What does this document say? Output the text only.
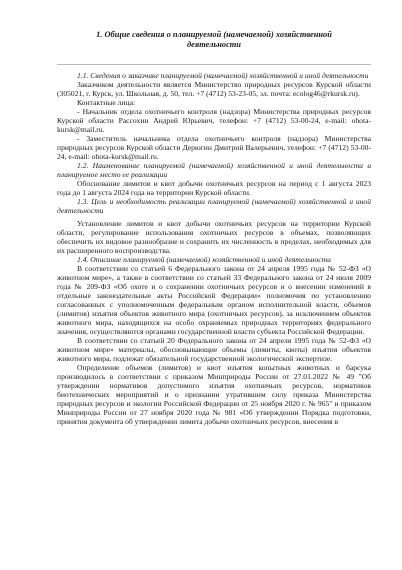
1. Общие сведения о планируемой (намечаемой) хозяйственной деятельности

1.1. Сведения о заказчике планируемой (намечаемой) хозяйственной и иной деятельности

Заказчиком деятельности является Министерство природных ресурсов Курской области (305021, г. Курск, ул. Школьная, д. 50, тел. +7 (4712) 53-23-05, эл. почта: ecolog46@rkursk.ru).

Контактные лица:

- Начальник отдела охотничьего контроля (надзора) Министерства природных ресурсов Курской области Рассохин Андрей Юрьевич, телефон: +7 (4712) 53-00-24, e-mail: ohota-kursk@mail.ru.

- Заместитель начальника отдела охотничьего контроля (надзора) Министерства природных ресурсов Курской области Дерюгин Дмитрий Валерьевич, телефон: +7 (4712) 53-00-24, e-mail: ohota-kursk@mail.ru.

1.2. Наименование планируемой (намечаемой) хозяйственной и иной деятельности и планируемое место ее реализации

Обоснование лимитов и квот добычи охотничьих ресурсов на период с 1 августа 2023 года до 1 августа 2024 года на территории Курской области.

1.3. Цель и необходимость реализации планируемой (намечаемой) хозяйственной и иной деятельности

Установление лимитов и квот добычи охотничьих ресурсов на территории Курской области, регулирование использования охотничьих ресурсов в объемах, позволяющих обеспечить их видовое разнообразие и сохранить их численность в пределах, необходимых для их расширенного воспроизводства.

1.4. Описание планируемой (намечаемой) хозяйственной и иной деятельности

В соответствии со статьей 6 Федерального закона от 24 апреля 1995 года № 52-ФЗ «О животном мире», а также в соответствии со статьей 33 Федерального закона от 24 июля 2009 года № 209-ФЗ «Об охоте и о сохранении охотничьих ресурсов и о внесении изменений в отдельные законодательные акты Российской Федерации» полномочия по установлению согласованных с уполномоченным федеральным органом исполнительной власти, объемов (лимитов) изъятия объектов животного мира (охотничьих ресурсов), за исключением объектов животного мира, находящихся на особо охраняемых природных территориях федерального значения, осуществляются органами государственной власти субъекта Российской Федерации.

В соответствии со статьей 20 Федерального закона от 24 апреля 1995 года № 52-ФЗ «О животном мире» материалы, обосновывающие объемы (лимиты, квоты) изъятия объектов животного мира, подлежат обязательной государственной экологической экспертизе.

Определение объемов (лимитов) и квот изъятия копытных животных и барсука производилось в соответствии с приказом Минприроды России от 27.01.2022 № 49 "Об утверждении нормативов допустимого изъятия охотничьих ресурсов, нормативов биотехнических мероприятий и о признании утратившим силу приказа Министерства природных ресурсов и экологии Российской Федерации от 25 ноября 2020 г. № 965" и приказом Минприроды России от 27 ноября 2020 года № 981 «Об утверждении Порядка подготовки, принятия документа об утверждении лимита добычи охотничьих ресурсов, внесения в
